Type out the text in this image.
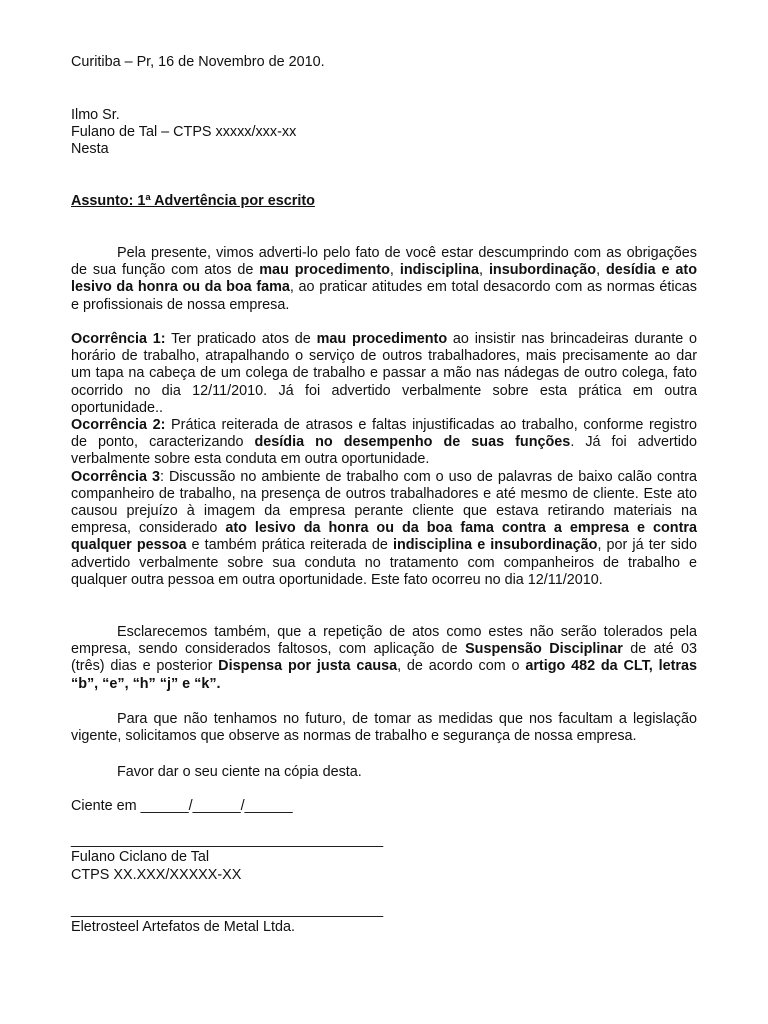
Curitiba – Pr, 16 de Novembro de 2010.
Ilmo Sr.
Fulano de Tal – CTPS xxxxx/xxx-xx
Nesta
Assunto: 1ª Advertência por escrito
Pela presente, vimos adverti-lo pelo fato de você estar descumprindo com as obrigações de sua função com atos de mau procedimento, indisciplina, insubordinação, desídia e ato lesivo da honra ou da boa fama, ao praticar atitudes em total desacordo com as normas éticas e profissionais de nossa empresa.

Ocorrência 1: Ter praticado atos de mau procedimento ao insistir nas brincadeiras durante o horário de trabalho, atrapalhando o serviço de outros trabalhadores, mais precisamente ao dar um tapa na cabeça de um colega de trabalho e passar a mão nas nádegas de outro colega, fato ocorrido no dia 12/11/2010. Já foi advertido verbalmente sobre esta prática em outra oportunidade..

Ocorrência 2: Prática reiterada de atrasos e faltas injustificadas ao trabalho, conforme registro de ponto, caracterizando desídia no desempenho de suas funções. Já foi advertido verbalmente sobre esta conduta em outra oportunidade.

Ocorrência 3: Discussão no ambiente de trabalho com o uso de palavras de baixo calão contra companheiro de trabalho, na presença de outros trabalhadores e até mesmo de cliente. Este ato causou prejuízo à imagem da empresa perante cliente que estava retirando materiais na empresa, considerado ato lesivo da honra ou da boa fama contra a empresa e contra qualquer pessoa e também prática reiterada de indisciplina e insubordinação, por já ter sido advertido verbalmente sobre sua conduta no tratamento com companheiros de trabalho e qualquer outra pessoa em outra oportunidade. Este fato ocorreu no dia 12/11/2010.

Esclarecemos também, que a repetição de atos como estes não serão tolerados pela empresa, sendo considerados faltosos, com aplicação de Suspensão Disciplinar de até 03 (três) dias e posterior Dispensa por justa causa, de acordo com o artigo 482 da CLT, letras “b”, “e”, “h” “j” e “k”.
Para que não tenhamos no futuro, de tomar as medidas que nos facultam a legislação vigente, solicitamos que observe as normas de trabalho e segurança de nossa empresa.
Favor dar o seu ciente na cópia desta.
Ciente em ______/______/______
_______________________________________
Fulano Ciclano de Tal
CTPS XX.XXX/XXXXX-XX
_______________________________________
Eletrosteel Artefatos de Metal Ltda.
